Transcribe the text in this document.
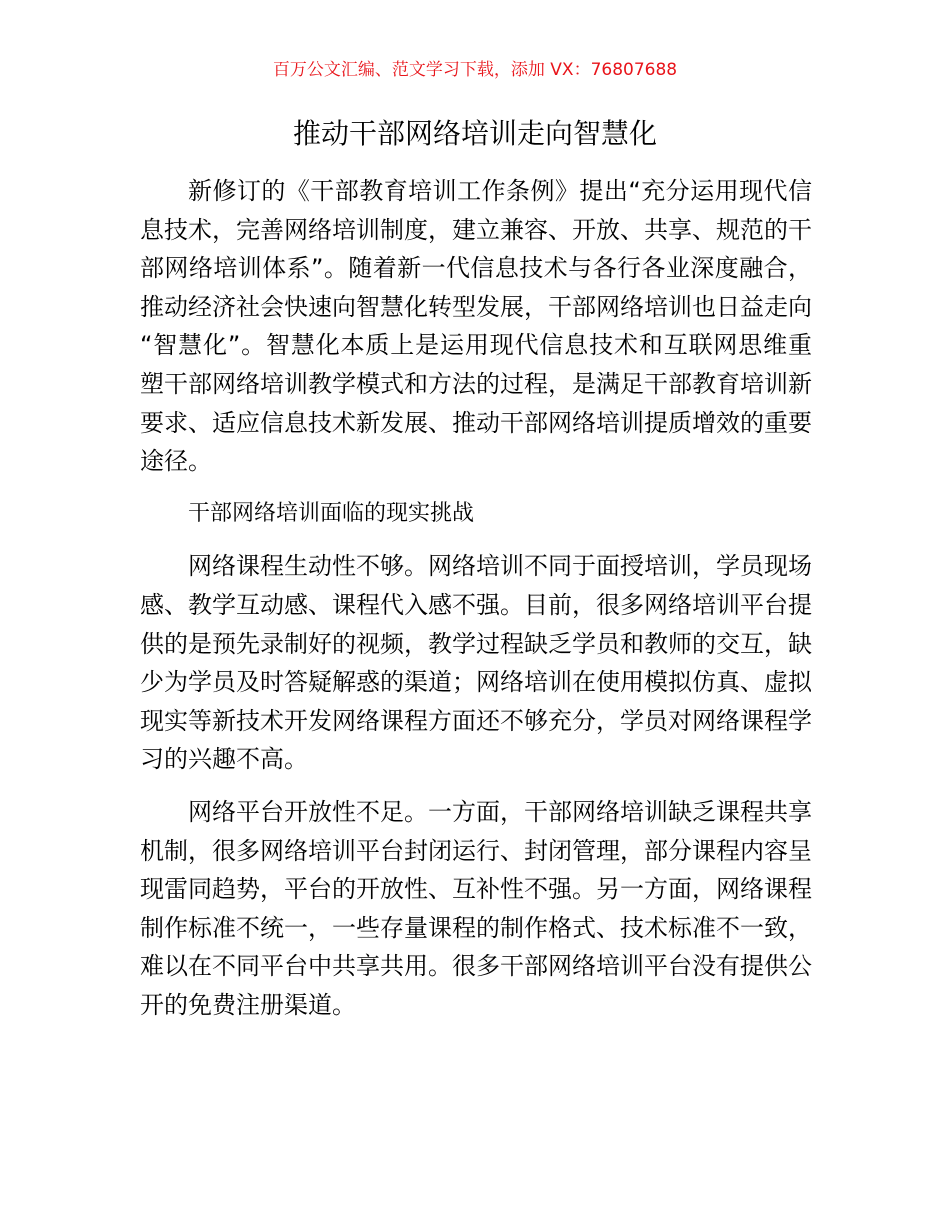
百万公文汇编、范文学习下载，添加 VX：76807688
推动干部网络培训走向智慧化

新修订的《干部教育培训工作条例》提出“充分运用现代信息技术，完善网络培训制度，建立兼容、开放、共享、规范的干部网络培训体系”。随着新一代信息技术与各行各业深度融合，推动经济社会快速向智慧化转型发展，干部网络培训也日益走向“智慧化”。智慧化本质上是运用现代信息技术和互联网思维重塑干部网络培训教学模式和方法的过程，是满足干部教育培训新要求、适应信息技术新发展、推动干部网络培训提质增效的重要途径。

干部网络培训面临的现实挑战

网络课程生动性不够。网络培训不同于面授培训，学员现场感、教学互动感、课程代入感不强。目前，很多网络培训平台提供的是预先录制好的视频，教学过程缺乏学员和教师的交互，缺少为学员及时答疑解惑的渠道；网络培训在使用模拟仿真、虚拟现实等新技术开发网络课程方面还不够充分，学员对网络课程学习的兴趣不高。

网络平台开放性不足。一方面，干部网络培训缺乏课程共享机制，很多网络培训平台封闭运行、封闭管理，部分课程内容呈现雷同趋势，平台的开放性、互补性不强。另一方面，网络课程制作标准不统一，一些存量课程的制作格式、技术标准不一致，难以在不同平台中共享共用。很多干部网络培训平台没有提供公开的免费注册渠道。
